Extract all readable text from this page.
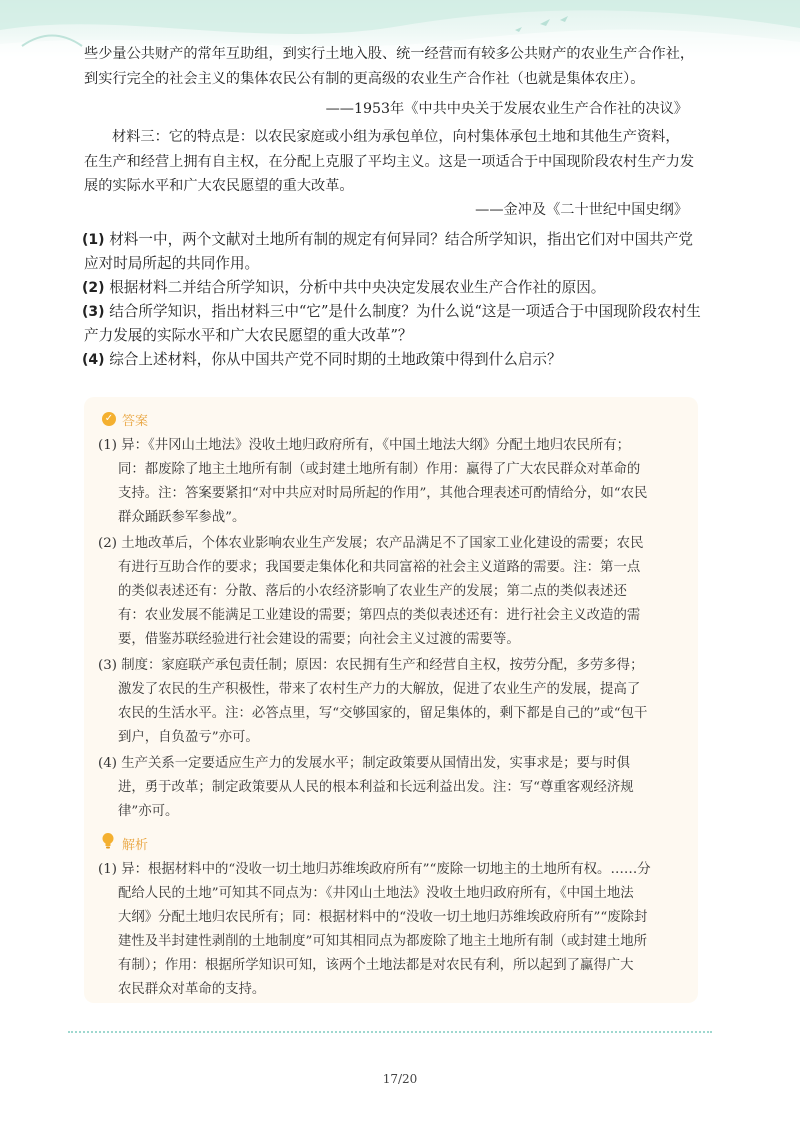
些少量公共财产的常年互助组，到实行土地入股、统一经营而有较多公共财产的农业生产合作社，
到实行完全的社会主义的集体农民公有制的更高级的农业生产合作社（也就是集体农庄）。
——1953年《中共中央关于发展农业生产合作社的决议》
材料三：它的特点是：以农民家庭或小组为承包单位，向村集体承包土地和其他生产资料，
在生产和经营上拥有自主权，在分配上克服了平均主义。这是一项适合于中国现阶段农村生产力发
展的实际水平和广大农民愿望的重大改革。
——金冲及《二十世纪中国史纲》
(1) 材料一中，两个文献对土地所有制的规定有何异同？结合所学知识，指出它们对中国共产党
应对时局所起的共同作用。
(2) 根据材料二并结合所学知识，分析中共中央决定发展农业生产合作社的原因。
(3) 结合所学知识，指出材料三中“它”是什么制度？为什么说“这是一项适合于中国现阶段农村生
产力发展的实际水平和广大农民愿望的重大改革”？
(4) 综合上述材料，你从中国共产党不同时期的土地政策中得到什么启示？
✓ 答案
(1) 异：《井冈山土地法》没收土地归政府所有，《中国土地法大纲》分配土地归农民所有；
同：都废除了地主土地所有制（或封建土地所有制）作用：赢得了广大农民群众对革命的
支持。注：答案要紧扣“对中共应对时局所起的作用”，其他合理表述可酌情给分，如“农民
群众踊跃参军参战”。
(2) 土地改革后，个体农业影响农业生产发展；农产品满足不了国家工业化建设的需要；农民
有进行互助合作的要求；我国要走集体化和共同富裕的社会主义道路的需要。注：第一点
的类似表述还有：分散、落后的小农经济影响了农业生产的发展；第二点的类似表述还
有：农业发展不能满足工业建设的需要；第四点的类似表述还有：进行社会主义改造的需
要，借鉴苏联经验进行社会建设的需要；向社会主义过渡的需要等。
(3) 制度：家庭联产承包责任制；原因：农民拥有生产和经营自主权，按劳分配，多劳多得；
激发了农民的生产积极性，带来了农村生产力的大解放，促进了农业生产的发展，提高了
农民的生活水平。注：必答点里，写“交够国家的，留足集体的，剩下都是自己的”或“包干
到户，自负盈亏”亦可。
(4) 生产关系一定要适应生产力的发展水平；制定政策要从国情出发，实事求是；要与时俱
进，勇于改革；制定政策要从人民的根本利益和长远利益出发。注：写“尊重客观经济规
律”亦可。
解析
(1) 异：根据材料中的“没收一切土地归苏维埃政府所有”“废除一切地主的土地所有权。……分
配给人民的土地”可知其不同点为：《井冈山土地法》没收土地归政府所有，《中国土地法
大纲》分配土地归农民所有；同：根据材料中的“没收一切土地归苏维埃政府所有”“废除封
建性及半封建性剥削的土地制度”可知其相同点为都废除了地主土地所有制（或封建土地所
有制）；作用：根据所学知识可知，该两个土地法都是对农民有利，所以起到了赢得广大
农民群众对革命的支持。
17/20
